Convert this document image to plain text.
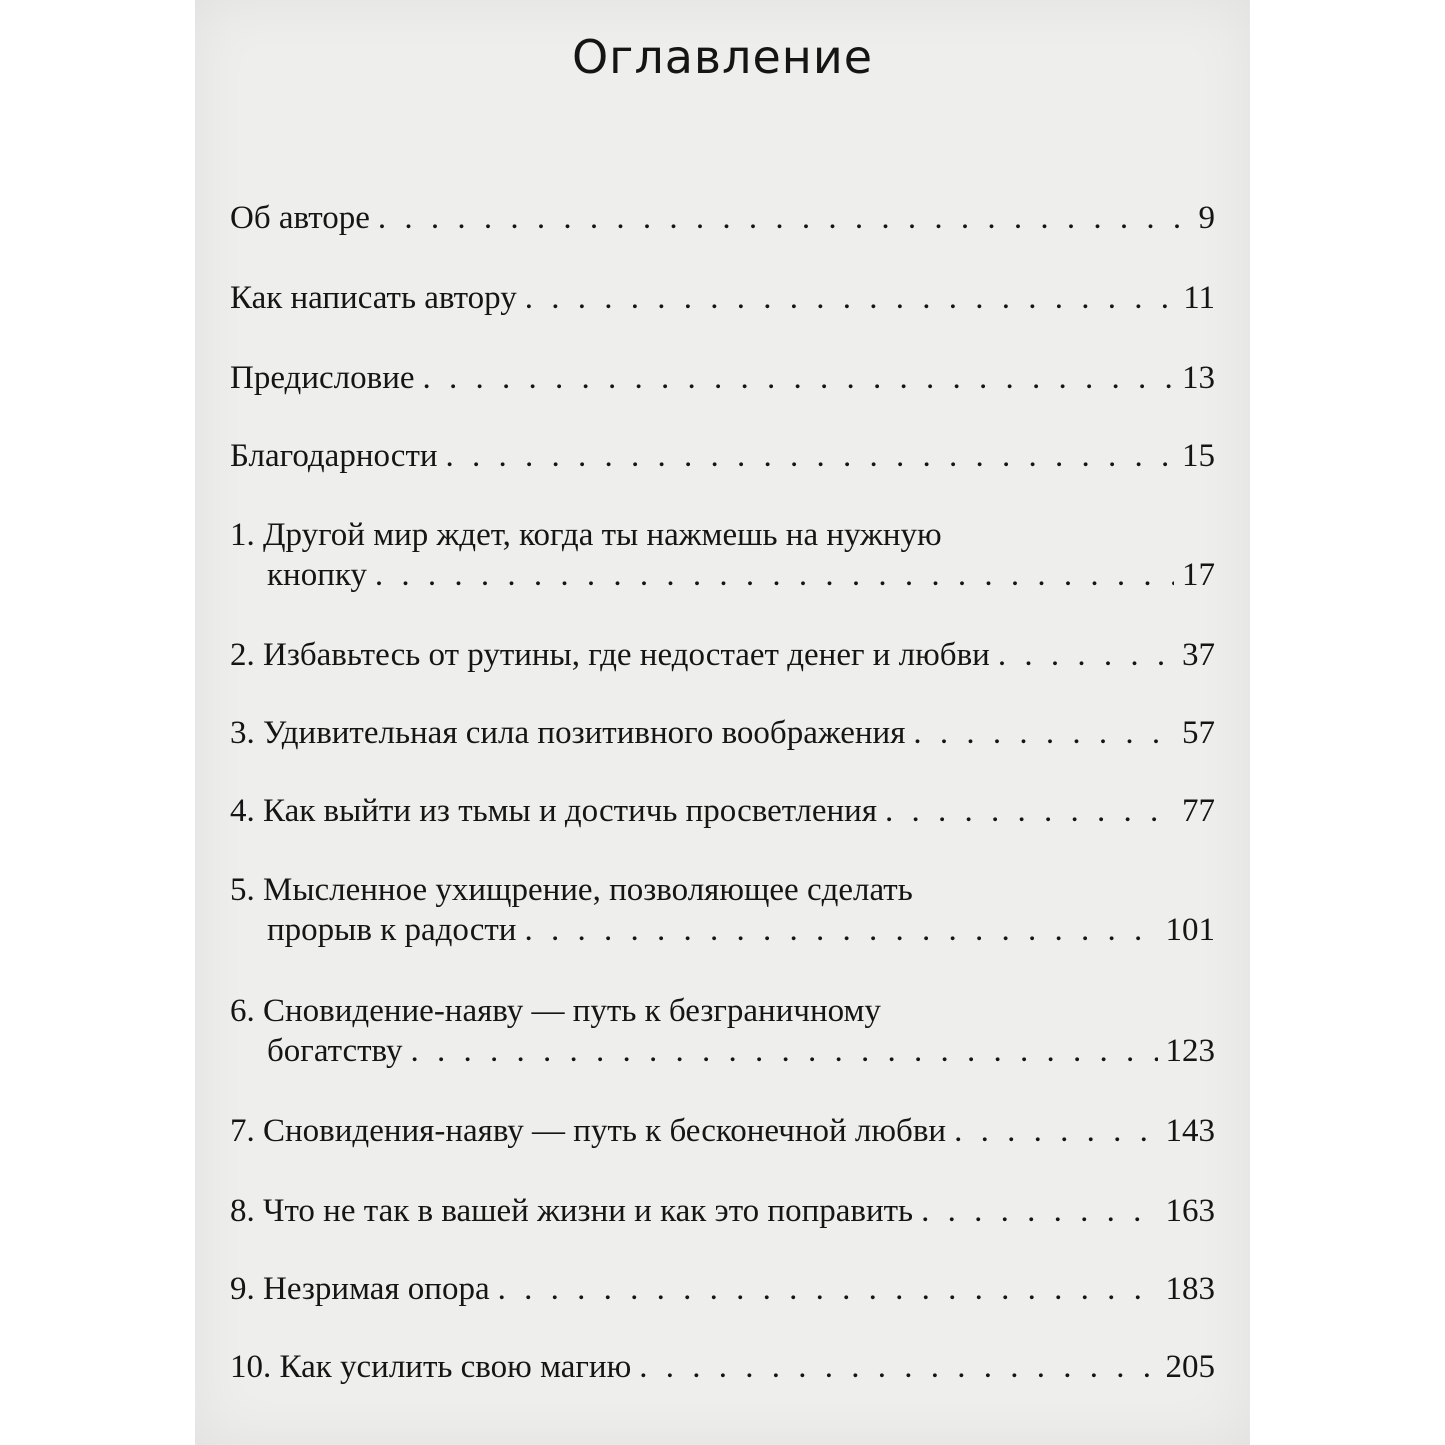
Оглавление
Об авторе . . .	9
Как написать автору . . .	11
Предисловие . . .	13
Благодарности . . .	15
1. Другой мир ждет, когда ты нажмешь на нужную
кнопку . . .	17
2. Избавьтесь от рутины, где недостает денег и любви . . .	37
3. Удивительная сила позитивного воображения . . .	57
4. Как выйти из тьмы и достичь просветления . . .	77
5. Мысленное ухищрение, позволяющее сделать
прорыв к радости . . .	101
6. Сновидение-наяву — путь к безграничному
богатству . . .	123
7. Сновидения-наяву — путь к бесконечной любви . . .	143
8. Что не так в вашей жизни и как это поправить . . .	163
9. Незримая опора . . .	183
10. Как усилить свою магию . . .	205
